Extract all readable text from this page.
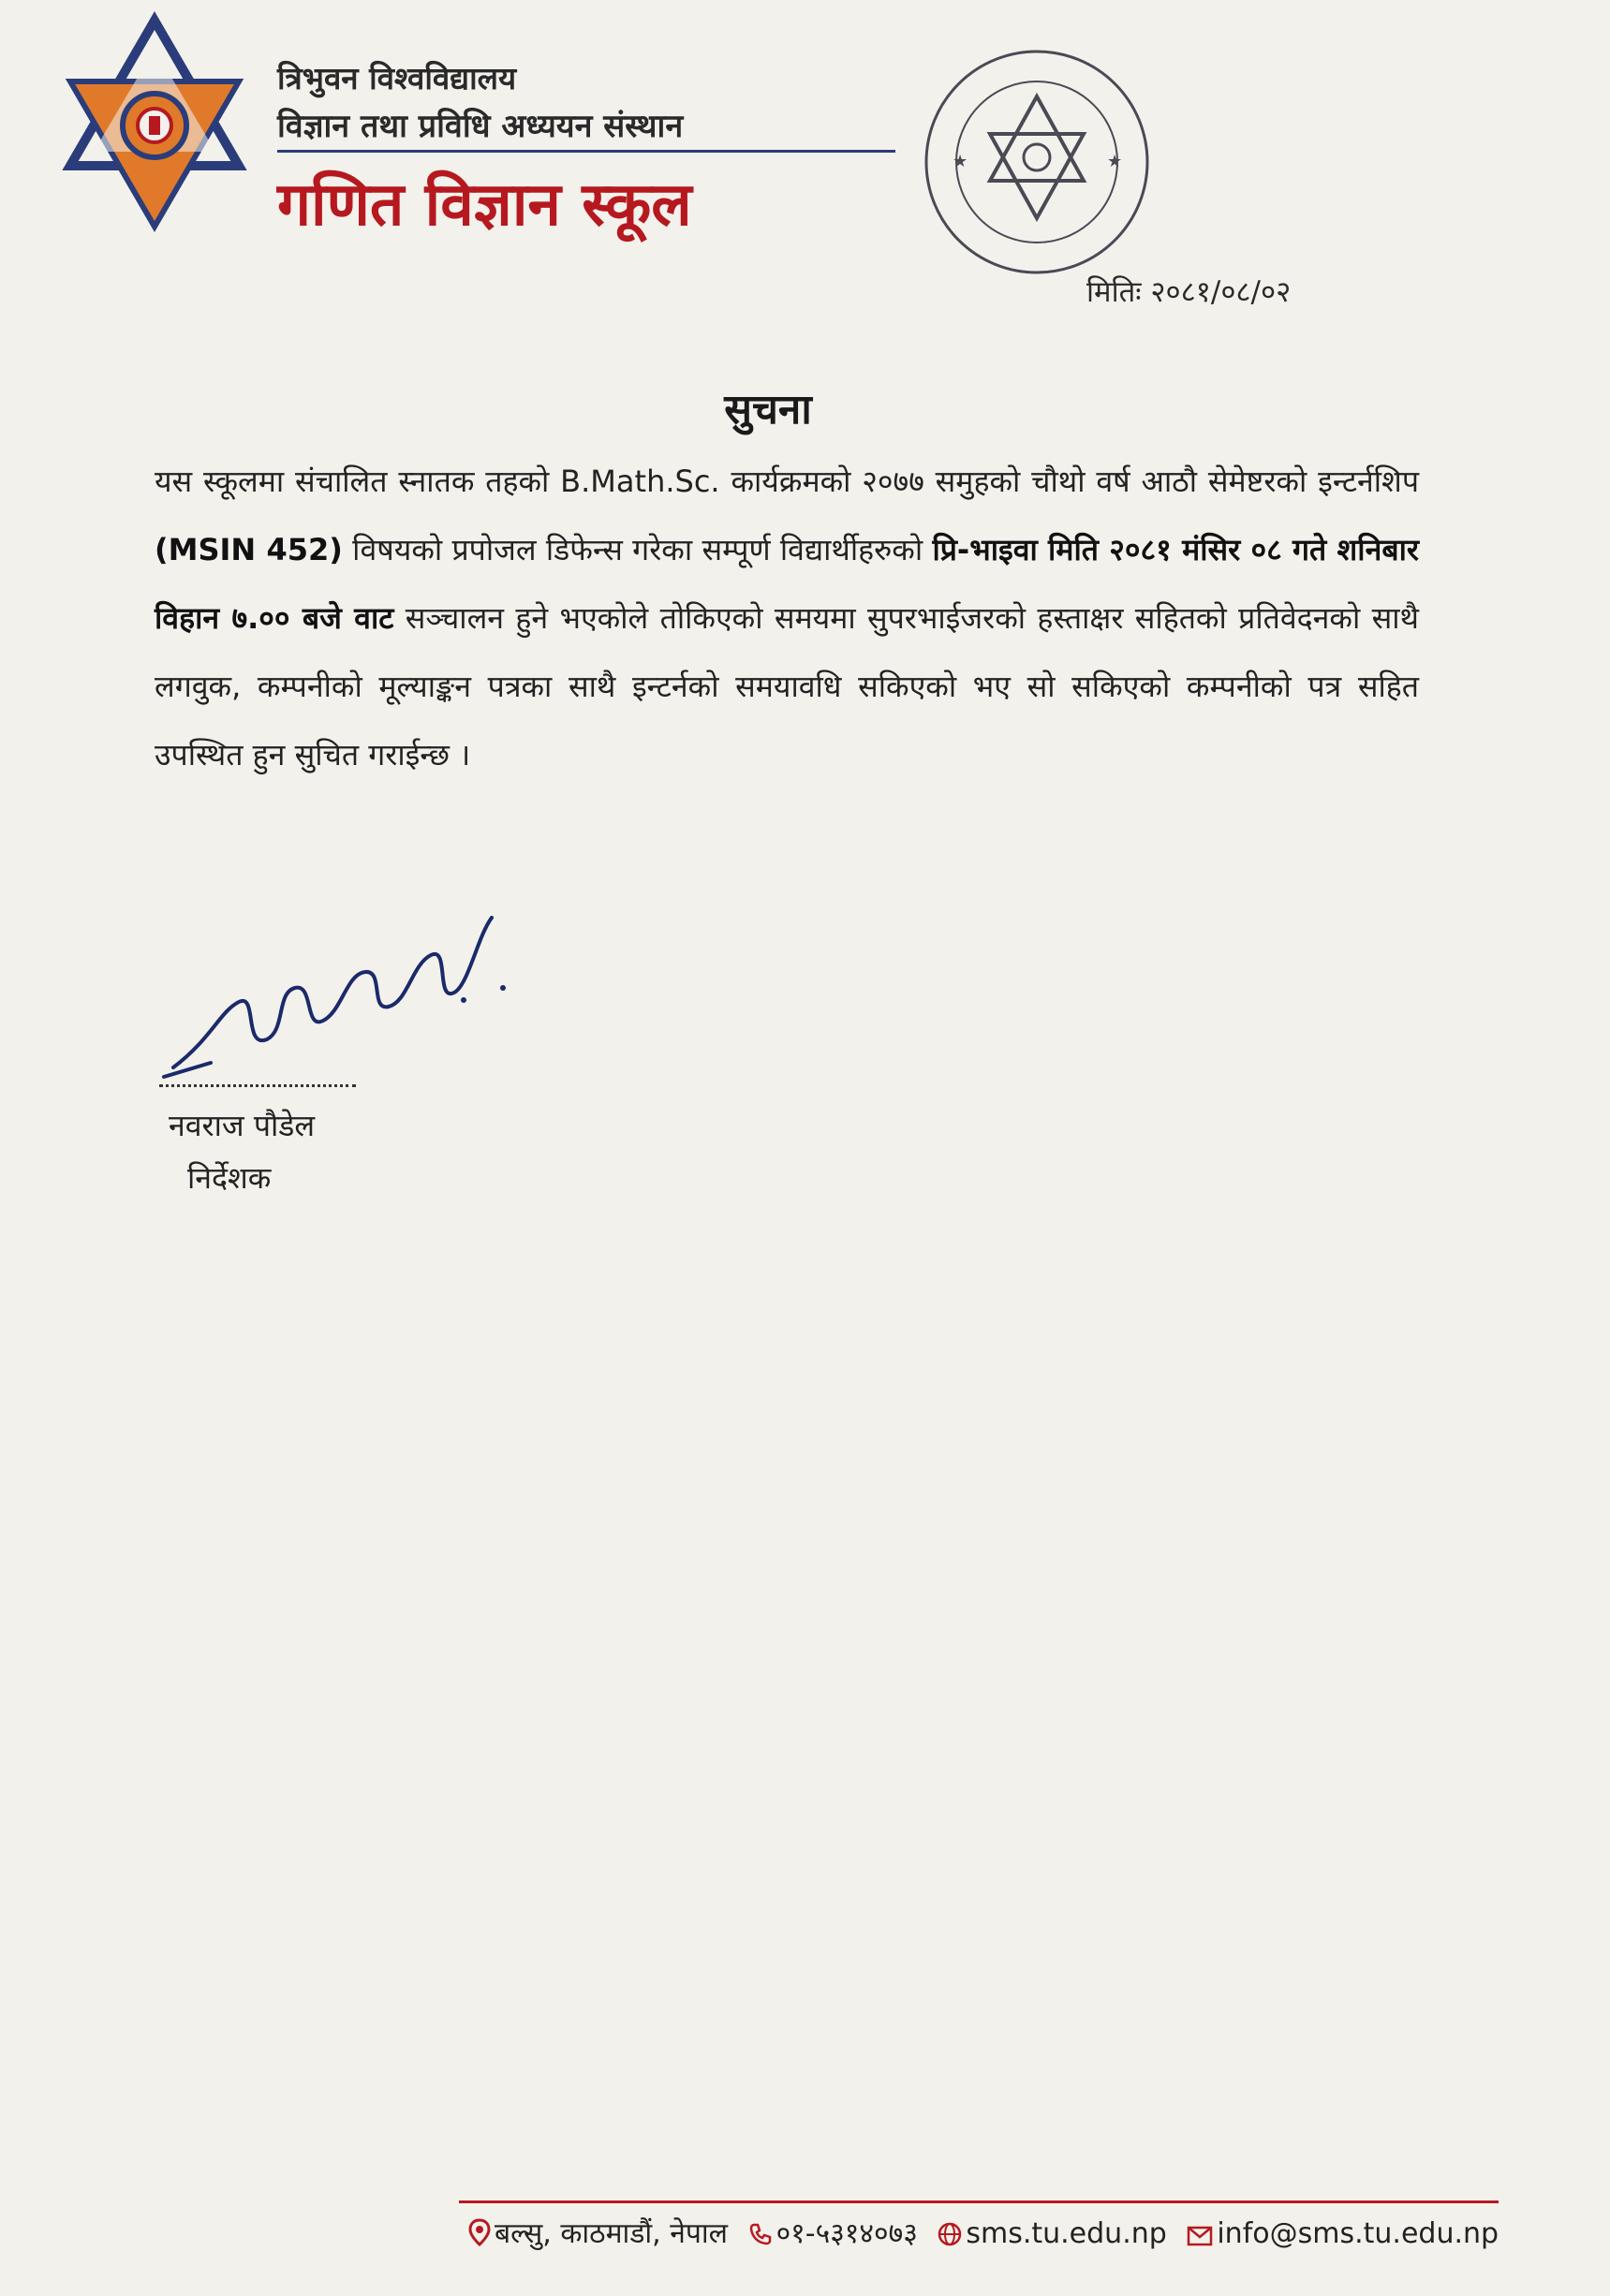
त्रिभुवन विश्वविद्यालय
विज्ञान तथा प्रविधि अध्ययन संस्थान
गणित विज्ञान स्कूल
★	★
मितिः २०८१/०८/०२
सुचना
यस स्कूलमा संचालित स्नातक तहको B.Math.Sc. कार्यक्रमको २०७७ समुहको चौथो वर्ष आठौ सेमेष्टरको इन्टर्नशिप (MSIN 452) विषयको प्रपोजल डिफेन्स गरेका सम्पूर्ण विद्यार्थीहरुको प्रि-भाइवा मिति २०८१ मंसिर ०८ गते शनिबार विहान ७.०० बजे वाट सञ्चालन हुने भएकोले तोकिएको समयमा सुपरभाईजरको हस्ताक्षर सहितको प्रतिवेदनको साथै लगवुक, कम्पनीको मूल्याङ्कन पत्रका साथै इन्टर्नको समयावधि सकिएको भए सो सकिएको कम्पनीको पत्र सहित उपस्थित हुन सुचित गराईन्छ ।
नवराज पौडेल
निर्देशक
बल्सु, काठमाडौं, नेपाल ०१-५३१४०७३ sms.tu.edu.np info@sms.tu.edu.np
